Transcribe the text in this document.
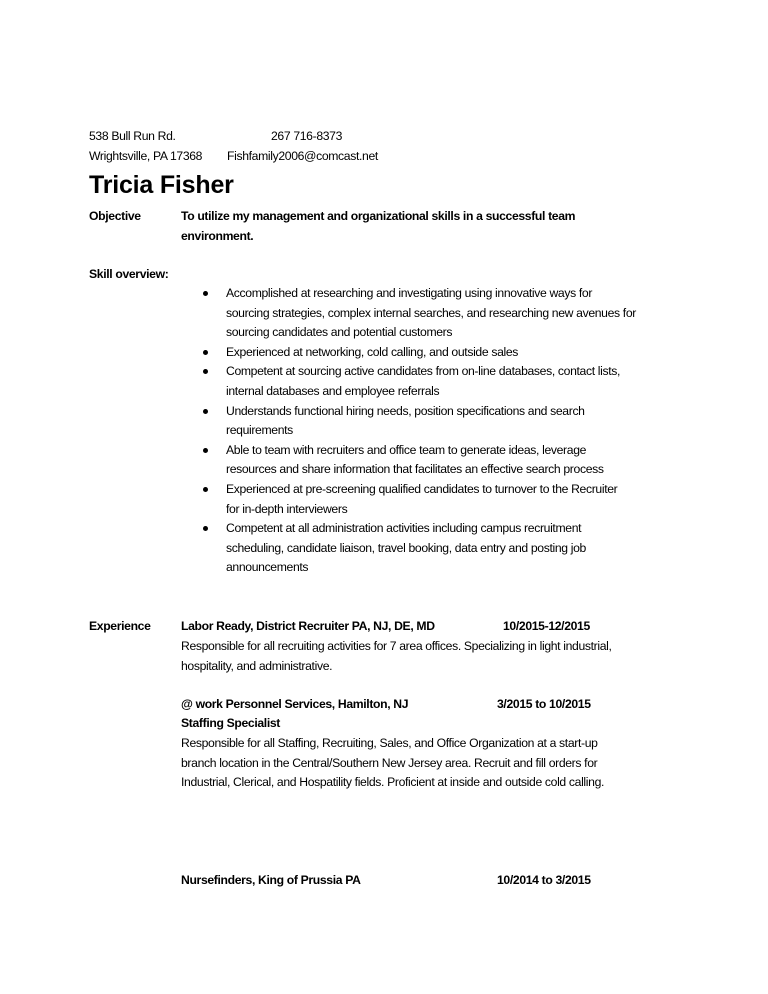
538 Bull Run Rd.	267 716-8373
Wrightsville, PA 17368 Fishfamily2006@comcast.net
Tricia Fisher
Objective	To utilize my management and organizational skills in a successful team
environment.
Skill overview:
Accomplished at researching and investigating using innovative ways for
sourcing strategies, complex internal searches, and researching new avenues for
sourcing candidates and potential customers
Experienced at networking, cold calling, and outside sales
Competent at sourcing active candidates from on-line databases, contact lists,
internal databases and employee referrals
Understands functional hiring needs, position specifications and search
requirements
Able to team with recruiters and office team to generate ideas, leverage
resources and share information that facilitates an effective search process
Experienced at pre-screening qualified candidates to turnover to the Recruiter
for in-depth interviewers
Competent at all administration activities including campus recruitment
scheduling, candidate liaison, travel booking, data entry and posting job
announcements
Experience Labor Ready, District Recruiter PA, NJ, DE, MD	10/2015-12/2015
Responsible for all recruiting activities for 7 area offices. Specializing in light industrial,
hospitality, and administrative.
@ work Personnel Services, Hamilton, NJ	3/2015 to 10/2015
Staffing Specialist
Responsible for all Staffing, Recruiting, Sales, and Office Organization at a start-up
branch location in the Central/Southern New Jersey area. Recruit and fill orders for
Industrial, Clerical, and Hospatility fields. Proficient at inside and outside cold calling.
Nursefinders, King of Prussia PA	10/2014 to 3/2015
